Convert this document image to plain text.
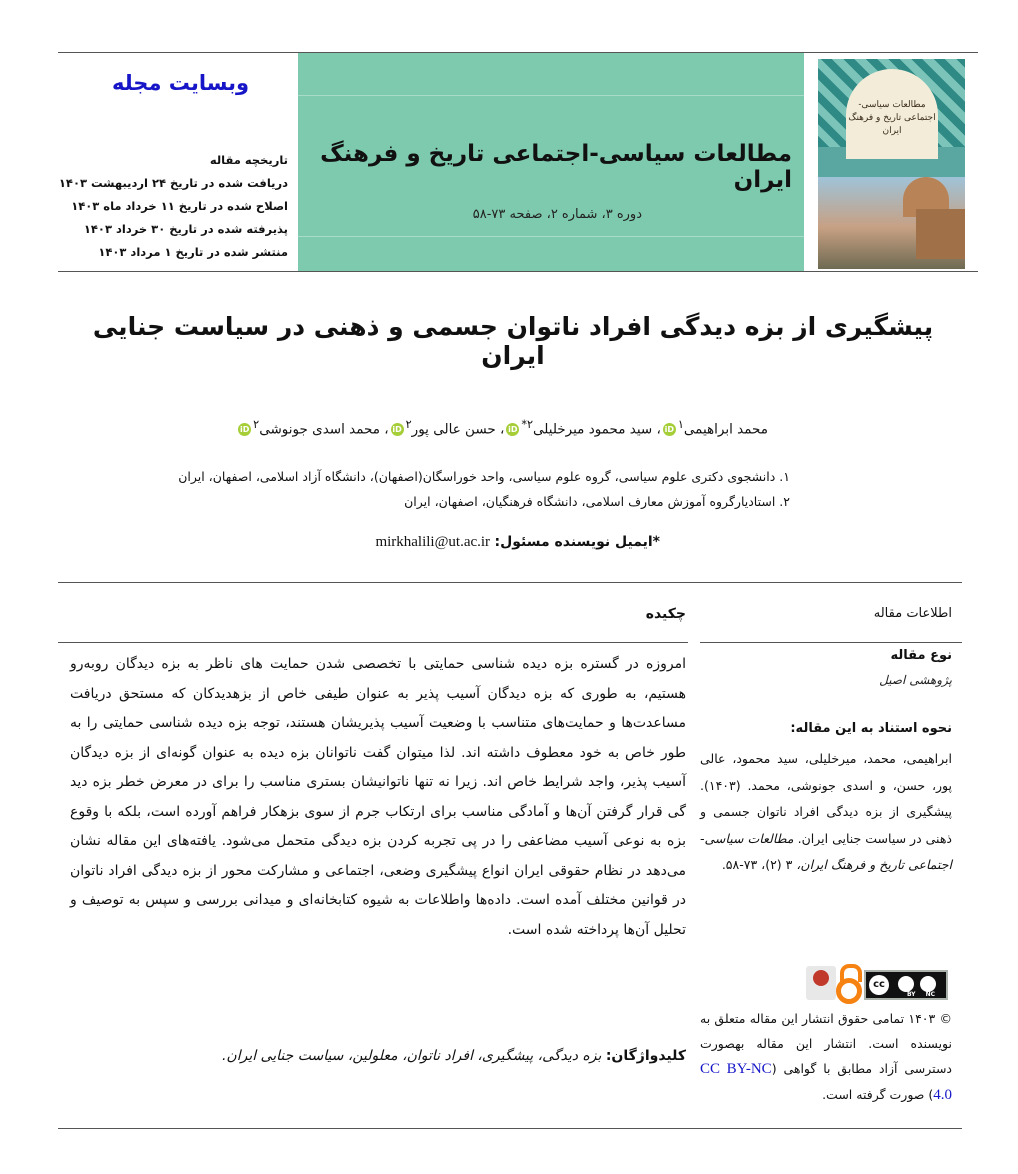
مطالعات سیاسی-اجتماعی تاریخ و فرهنگ ایران
مطالعات سیاسی-اجتماعی تاریخ و فرهنگ ایران
دوره ۳، شماره ۲، صفحه ۷۳-۵۸
وبسایت مجله
تاریخچه مقاله
دریافت شده در تاریخ ۲۴ اردیبهشت ۱۴۰۳
اصلاح شده در تاریخ ۱۱ خرداد ماه ۱۴۰۳
پذیرفته شده در تاریخ ۳۰ خرداد ۱۴۰۳
منتشر شده در تاریخ ۱ مرداد ۱۴۰۳
پیشگیری از بزه دیدگی افراد ناتوان جسمی و ذهنی در سیاست جنایی ایران
محمد ابراهیمی$^۱$iD، سید محمود میرخلیلی$^{۲*}$iD، حسن عالی پور$^۲$iD، محمد اسدی جونوشی$^۲$iD
۱. دانشجوی دکتری علوم سیاسی، گروه علوم سیاسی، واحد خوراسگان(اصفهان)، دانشگاه آزاد اسلامی، اصفهان، ایران
۲. استادیارگروه آموزش معارف اسلامی، دانشگاه فرهنگیان، اصفهان، ایران
*ایمیل نویسنده مسئول: mirkhalili@ut.ac.ir
اطلاعات مقاله
نوع مقاله
پژوهشی اصیل
نحوه استناد به این مقاله:
ابراهیمی، محمد، میرخلیلی، سید محمود، عالی پور، حسن، و اسدی جونوشی، محمد. (۱۴۰۳). پیشگیری از بزه دیدگی افراد ناتوان جسمی و ذهنی در سیاست جنایی ایران. مطالعات سیاسی-اجتماعی تاریخ و فرهنگ ایران، ۳ (۲)، ۷۳-۵۸.
cc
BY NC
© ۱۴۰۳ تمامی حقوق انتشار این مقاله متعلق به نویسنده است. انتشار این مقاله بهصورت دسترسی آزاد مطابق با گواهی (CC BY-NC 4.0) صورت گرفته است.
چکیده
امروزه در گستره بزه دیده شناسی حمایتی با تخصصی شدن حمایت های ناظر به بزه دیدگان روبه‌رو هستیم، به طوری که بزه دیدگان آسیب پذیر به عنوان طیفی خاص از بزهدیدکان که مستحق دریافت مساعدت‌ها و حمایت‌های متناسب با وضعیت آسیب پذیریشان هستند، توجه بزه دیده شناسی حمایتی را به طور خاص به خود معطوف داشته اند. لذا میتوان گفت ناتوانان بزه دیده به عنوان گونه‌ای از بزه دیدگان آسیب پذیر، واجد شرایط خاص اند. زیرا نه تنها ناتوانیشان بستری مناسب را برای در معرض خطر بزه دید گی قرار گرفتن آن‌ها و آمادگی مناسب برای ارتکاب جرم از سوی بزهکار فراهم آورده است، بلکه با وقوع بزه به نوعی آسیب مضاعفی را در پی تجربه کردن بزه دیدگی متحمل می‌شود. یافته‌های این مقاله نشان می‌دهد در نظام حقوقی ایران انواع پیشگیری وضعی، اجتماعی و مشارکت محور از بزه دیدگی افراد ناتوان در قوانین مختلف آمده است. داده‌ها واطلاعات به شیوه کتابخانه‌ای و میدانی بررسی و سپس به توصیف و تحلیل آن‌ها پرداخته شده است.
کلیدواژگان: بزه دیدگی، پیشگیری، افراد ناتوان، معلولین، سیاست جنایی ایران.
